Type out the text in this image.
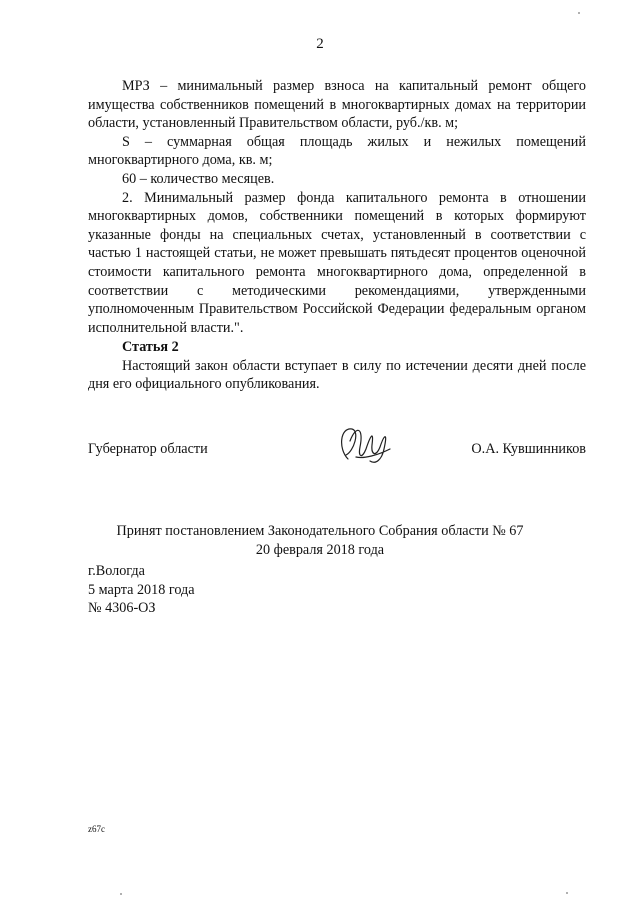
2

МРЗ – минимальный размер взноса на капитальный ремонт общего имущества собственников помещений в многоквартирных домах на территории области, установленный Правительством области, руб./кв. м;

S – суммарная общая площадь жилых и нежилых помещений многоквартирного дома, кв. м;

60 – количество месяцев.

2. Минимальный размер фонда капитального ремонта в отношении многоквартирных домов, собственники помещений в которых формируют указанные фонды на специальных счетах, установленный в соответствии с частью 1 настоящей статьи, не может превышать пятьдесят процентов оценочной стоимости капитального ремонта многоквартирного дома, определенной в соответствии с методическими рекомендациями, утвержденными уполномоченным Правительством Российской Федерации федеральным органом исполнительной власти.".

Статья 2

Настоящий закон области вступает в силу по истечении десяти дней после дня его официального опубликования.

Губернатор области	О.А. Кувшинников
Принят постановлением Законодательного Собрания области № 67
20 февраля 2018 года
г.Вологда
5 марта 2018 года
№ 4306-ОЗ
z67c
